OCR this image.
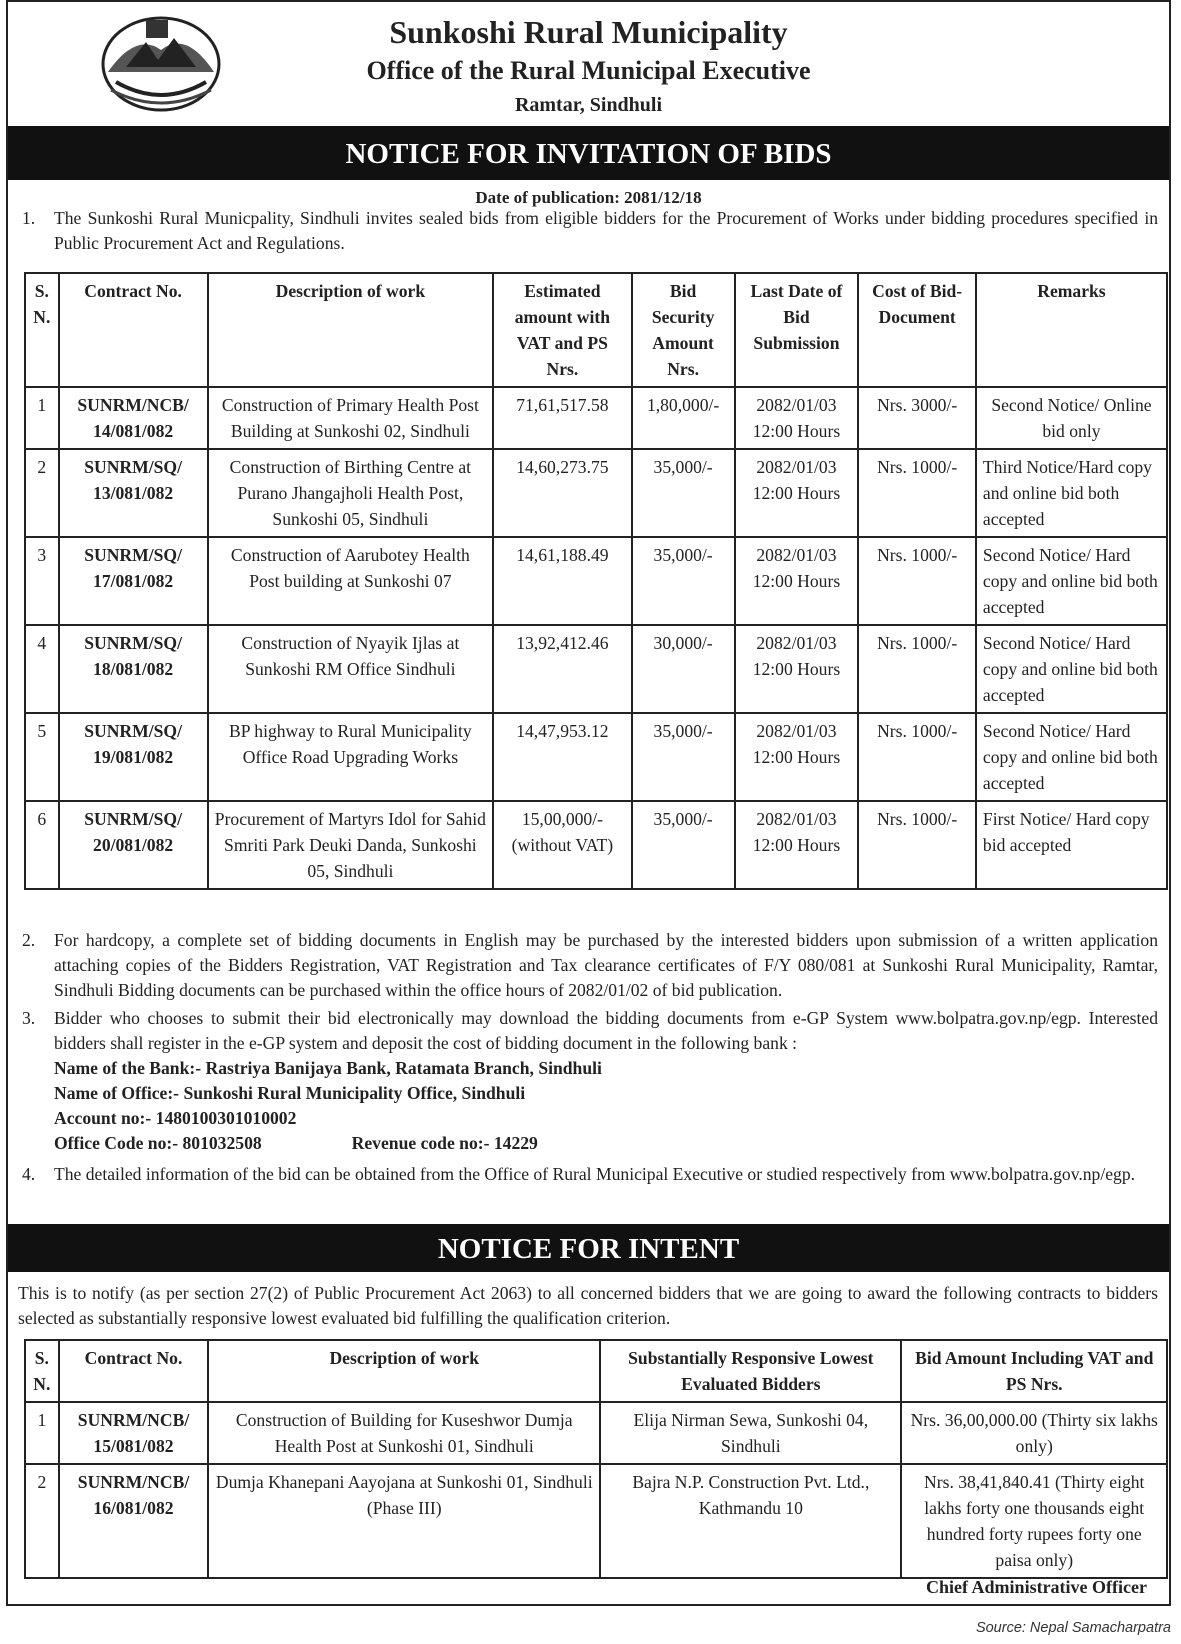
Sunkoshi Rural Municipality
Office of the Rural Municipal Executive
Ramtar, Sindhuli
NOTICE FOR INVITATION OF BIDS
Date of publication: 2081/12/18
1. The Sunkoshi Rural Municpality, Sindhuli invites sealed bids from eligible bidders for the Procurement of Works under bidding procedures specified in Public Procurement Act and Regulations.
S. N.	Contract No.	Description of work	Estimated amount with VAT and PS Nrs.	Bid Security Amount Nrs.	Last Date of Bid Submission	Cost of Bid-Document	Remarks
1	SUNRM/NCB/ 14/081/082	Construction of Primary Health Post Building at Sunkoshi 02, Sindhuli	71,61,517.58	1,80,000/-	2082/01/03 12:00 Hours	Nrs. 3000/-	Second Notice/ Online bid only
2	SUNRM/SQ/ 13/081/082	Construction of Birthing Centre at Purano Jhangajholi Health Post, Sunkoshi 05, Sindhuli	14,60,273.75	35,000/-	2082/01/03 12:00 Hours	Nrs. 1000/-	Third Notice/Hard copy and online bid both accepted
3	SUNRM/SQ/ 17/081/082	Construction of Aarubotey Health Post building at Sunkoshi 07	14,61,188.49	35,000/-	2082/01/03 12:00 Hours	Nrs. 1000/-	Second Notice/ Hard copy and online bid both accepted
4	SUNRM/SQ/ 18/081/082	Construction of Nyayik Ijlas at Sunkoshi RM Office Sindhuli	13,92,412.46	30,000/-	2082/01/03 12:00 Hours	Nrs. 1000/-	Second Notice/ Hard copy and online bid both accepted
5	SUNRM/SQ/ 19/081/082	BP highway to Rural Municipality Office Road Upgrading Works	14,47,953.12	35,000/-	2082/01/03 12:00 Hours	Nrs. 1000/-	Second Notice/ Hard copy and online bid both accepted
6	SUNRM/SQ/ 20/081/082	Procurement of Martyrs Idol for Sahid Smriti Park Deuki Danda, Sunkoshi 05, Sindhuli	15,00,000/- (without VAT)	35,000/-	2082/01/03 12:00 Hours	Nrs. 1000/-	First Notice/ Hard copy bid accepted
2. For hardcopy, a complete set of bidding documents in English may be purchased by the interested bidders upon submission of a written application attaching copies of the Bidders Registration, VAT Registration and Tax clearance certificates of F/Y 080/081 at Sunkoshi Rural Municipality, Ramtar, Sindhuli Bidding documents can be purchased within the office hours of 2082/01/02 of bid publication.
3. Bidder who chooses to submit their bid electronically may download the bidding documents from e-GP System www.bolpatra.gov.np/egp. Interested bidders shall register in the e-GP system and deposit the cost of bidding document in the following bank :
Name of the Bank:- Rastriya Banijaya Bank, Ratamata Branch, Sindhuli
Name of Office:- Sunkoshi Rural Municipality Office, Sindhuli
Account no:- 1480100301010002
Office Code no:- 801032508	Revenue code no:- 14229
4. The detailed information of the bid can be obtained from the Office of Rural Municipal Executive or studied respectively from www.bolpatra.gov.np/egp.
NOTICE FOR INTENT
This is to notify (as per section 27(2) of Public Procurement Act 2063) to all concerned bidders that we are going to award the following contracts to bidders selected as substantially responsive lowest evaluated bid fulfilling the qualification criterion.
S. N.	Contract No.	Description of work	Substantially Responsive Lowest Evaluated Bidders	Bid Amount Including VAT and PS Nrs.
1	SUNRM/NCB/ 15/081/082	Construction of Building for Kuseshwor Dumja Health Post at Sunkoshi 01, Sindhuli	Elija Nirman Sewa, Sunkoshi 04, Sindhuli	Nrs. 36,00,000.00 (Thirty six lakhs only)
2	SUNRM/NCB/ 16/081/082	Dumja Khanepani Aayojana at Sunkoshi 01, Sindhuli (Phase III)	Bajra N.P. Construction Pvt. Ltd., Kathmandu 10	Nrs. 38,41,840.41 (Thirty eight lakhs forty one thousands eight hundred forty rupees forty one paisa only)
Chief Administrative Officer
Source: Nepal Samacharpatra
